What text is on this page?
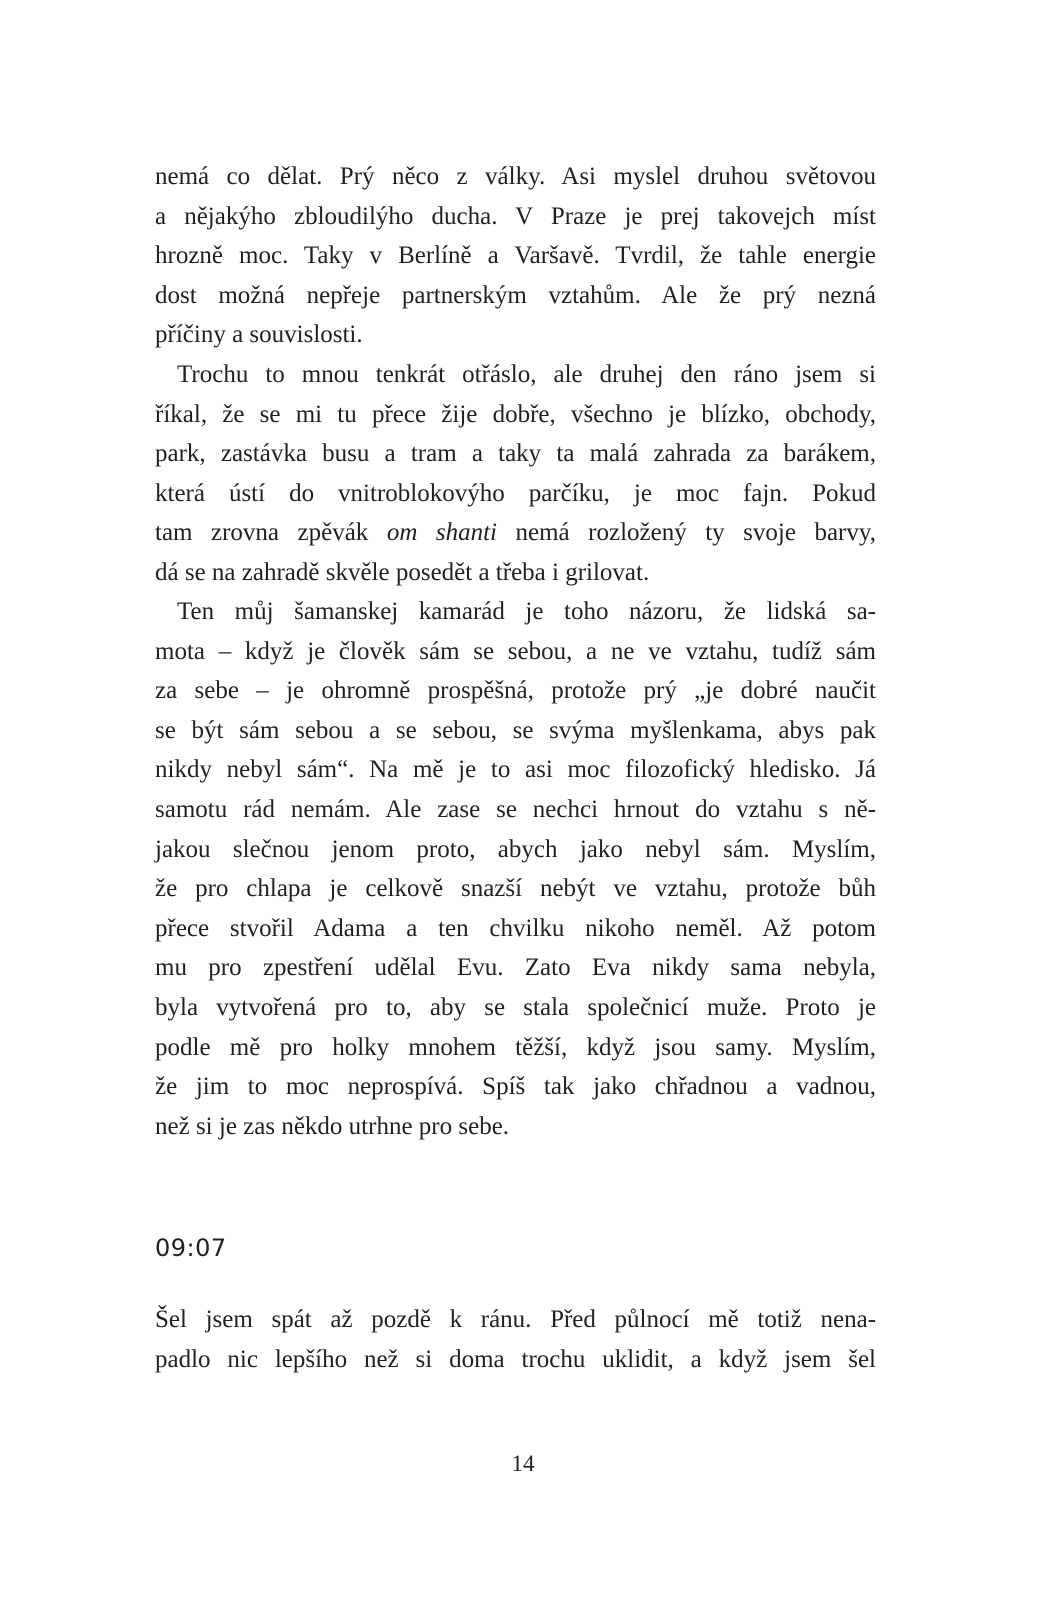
nemá co dělat. Prý něco z války. Asi myslel druhou světovou
a nějakýho zbloudilýho ducha. V Praze je prej takovejch míst
hrozně moc. Taky v Berlíně a Varšavě. Tvrdil, že tahle energie
dost možná nepřeje partnerským vztahům. Ale že prý nezná
příčiny a souvislosti.
Trochu to mnou tenkrát otřáslo, ale druhej den ráno jsem si
říkal, že se mi tu přece žije dobře, všechno je blízko, obchody,
park, zastávka busu a tram a taky ta malá zahrada za barákem,
která ústí do vnitroblokovýho parčíku, je moc fajn. Pokud
tam zrovna zpěvák om shanti nemá rozložený ty svoje barvy,
dá se na zahradě skvěle posedět a třeba i grilovat.
Ten můj šamanskej kamarád je toho názoru, že lidská sa-
mota – když je člověk sám se sebou, a ne ve vztahu, tudíž sám
za sebe – je ohromně prospěšná, protože prý „je dobré naučit
se být sám sebou a se sebou, se svýma myšlenkama, abys pak
nikdy nebyl sám“. Na mě je to asi moc filozofický hledisko. Já
samotu rád nemám. Ale zase se nechci hrnout do vztahu s ně-
jakou slečnou jenom proto, abych jako nebyl sám. Myslím,
že pro chlapa je celkově snazší nebýt ve vztahu, protože bůh
přece stvořil Adama a ten chvilku nikoho neměl. Až potom
mu pro zpestření udělal Evu. Zato Eva nikdy sama nebyla,
byla vytvořená pro to, aby se stala společnicí muže. Proto je
podle mě pro holky mnohem těžší, když jsou samy. Myslím,
že jim to moc neprospívá. Spíš tak jako chřadnou a vadnou,
než si je zas někdo utrhne pro sebe.
09:07
Šel jsem spát až pozdě k ránu. Před půlnocí mě totiž nena-
padlo nic lepšího než si doma trochu uklidit, a když jsem šel
14
